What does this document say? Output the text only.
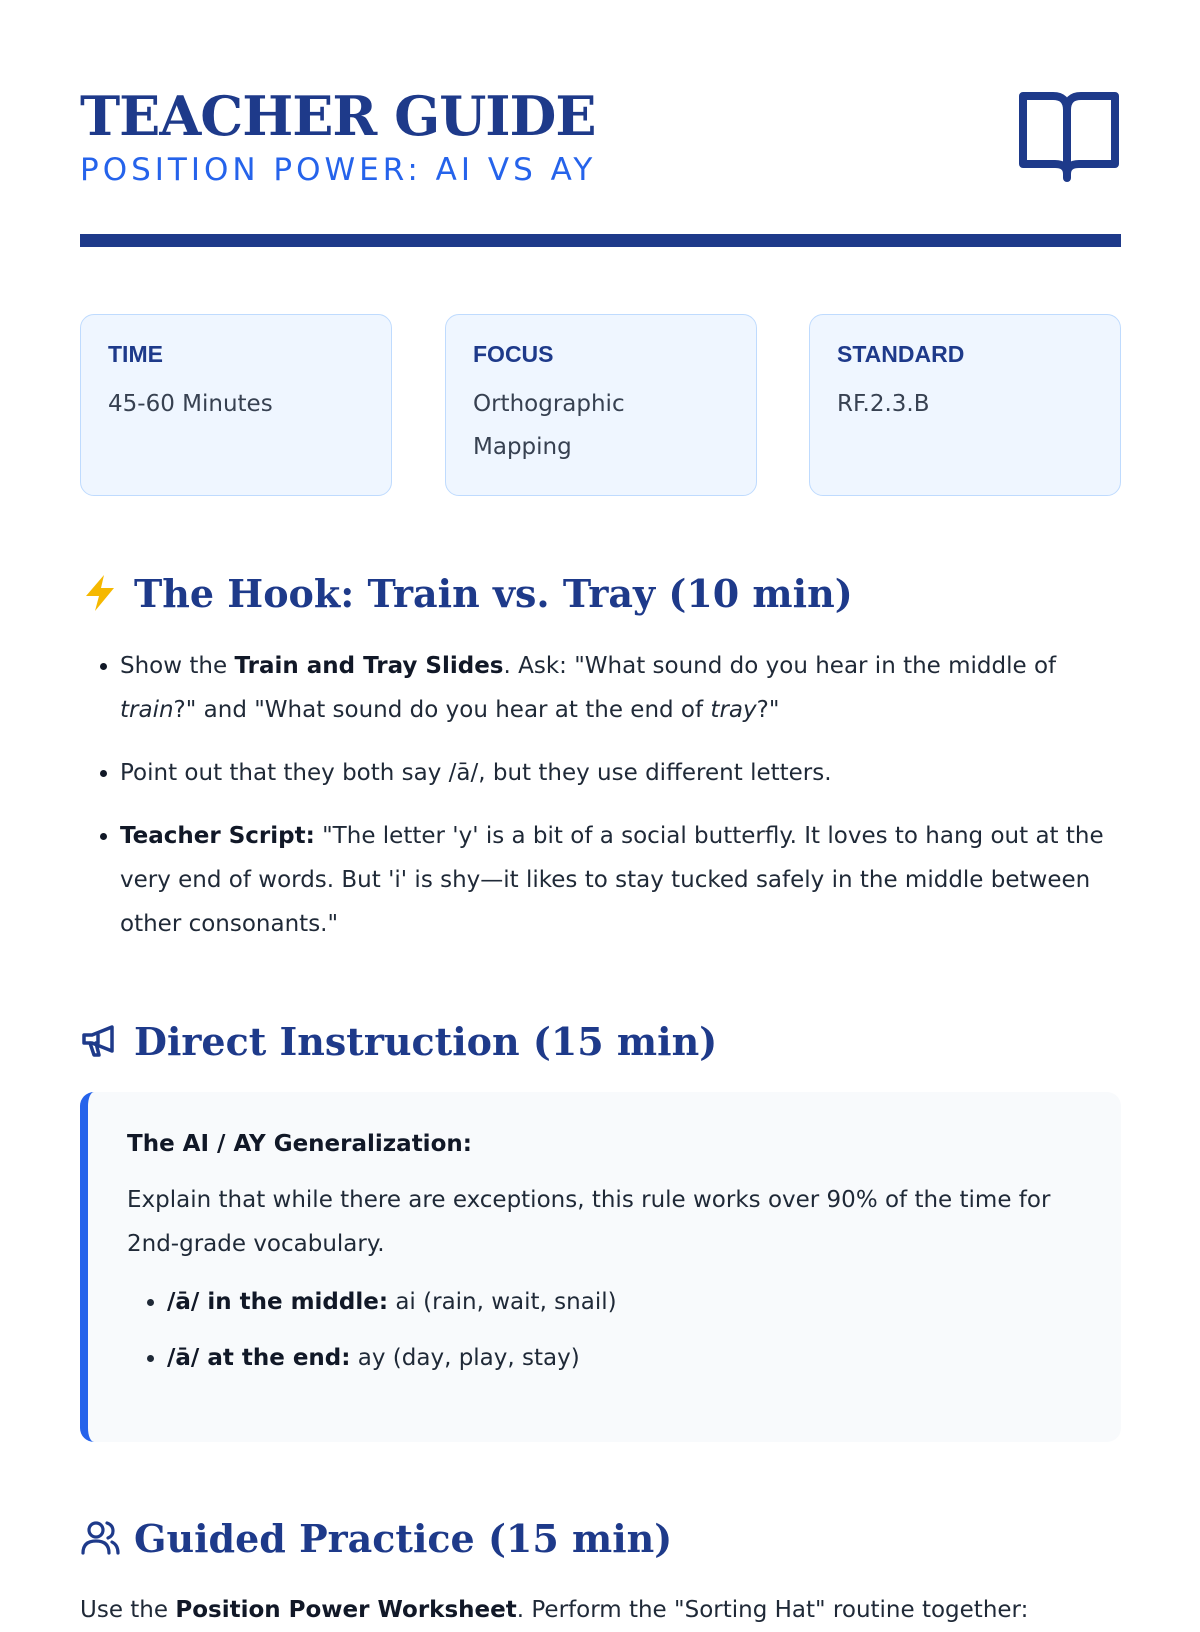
TEACHER GUIDE

POSITION POWER: AI VS AY

TIME

45-60 Minutes

FOCUS

Orthographic
Mapping

STANDARD

RF.2.3.B

The Hook: Train vs. Tray (10 min)
• Show the Train and Tray Slides. Ask: "What sound do you hear in the middle of train?" and "What sound do you hear at the end of tray?"
• Point out that they both say /ā/, but they use different letters.
• Teacher Script: "The letter 'y' is a bit of a social butterfly. It loves to hang out at the very end of words. But 'i' is shy—it likes to stay tucked safely in the middle between other consonants."
Direct Instruction (15 min)

The AI / AY Generalization:

Explain that while there are exceptions, this rule works over 90% of the time for 2nd-grade vocabulary.

• /ā/ in the middle: ai (rain, wait, snail)
• /ā/ at the end: ay (day, play, stay)
Guided Practice (15 min)

Use the Position Power Worksheet. Perform the "Sorting Hat" routine together:
